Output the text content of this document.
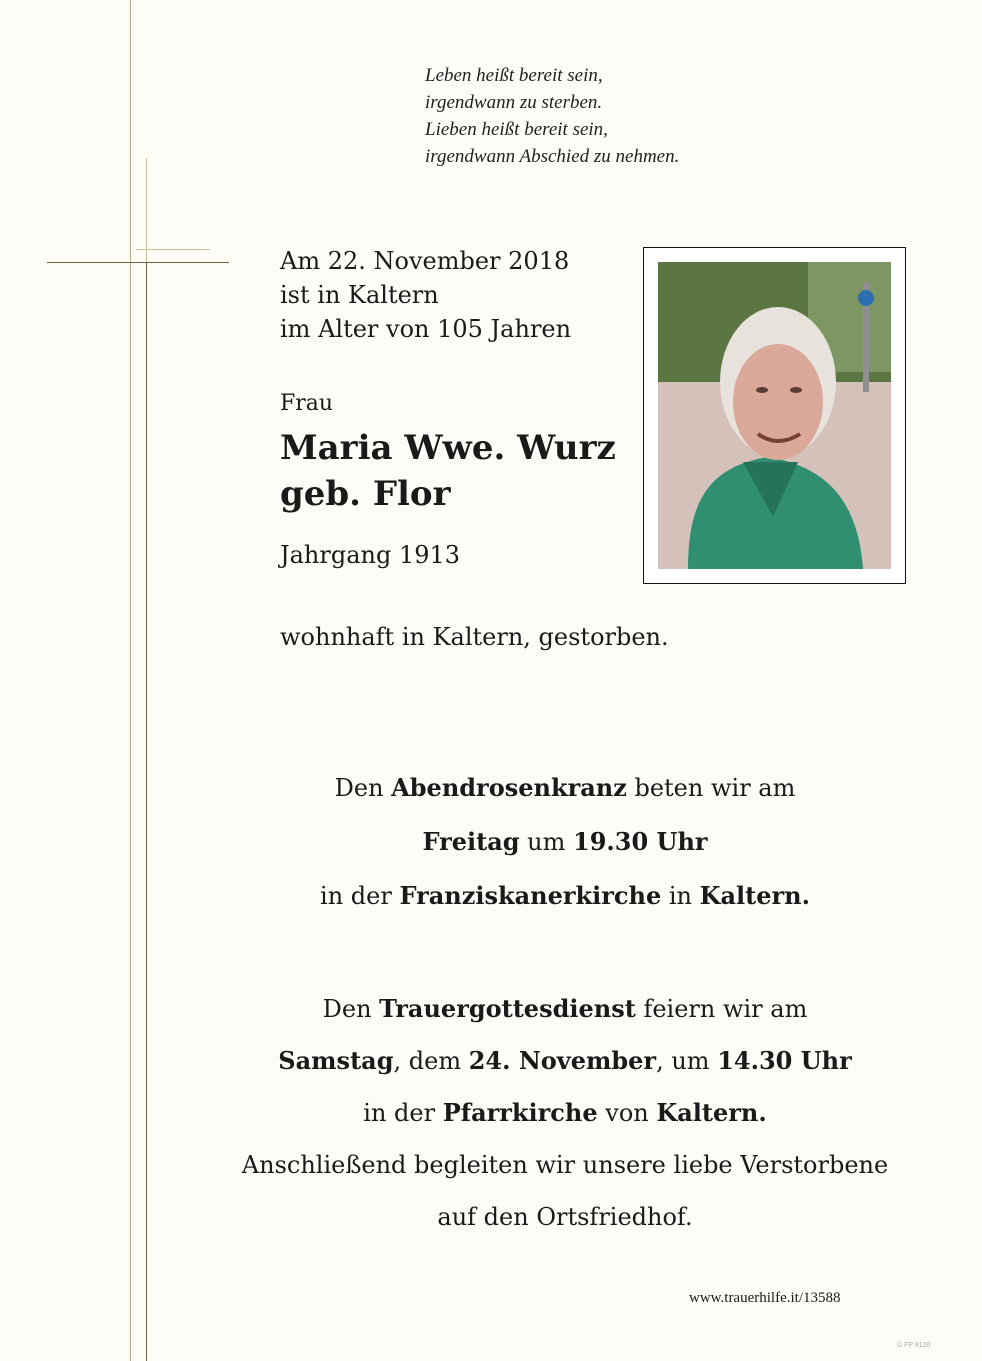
Leben heißt bereit sein,
irgendwann zu sterben.
Lieben heißt bereit sein,
irgendwann Abschied zu nehmen.
Am 22. November 2018
ist in Kaltern
im Alter von 105 Jahren
Frau
Maria Wwe. Wurz
geb. Flor
Jahrgang 1913
wohnhaft in Kaltern, gestorben.
Den Abendrosenkranz beten wir am
Freitag um 19.30 Uhr
in der Franziskanerkirche in Kaltern.
Den Trauergottesdienst feiern wir am
Samstag, dem 24. November, um 14.30 Uhr
in der Pfarrkirche von Kaltern.
Anschließend begleiten wir unsere liebe Verstorbene
auf den Ortsfriedhof.
www.trauerhilfe.it/13588
© FP 9120
